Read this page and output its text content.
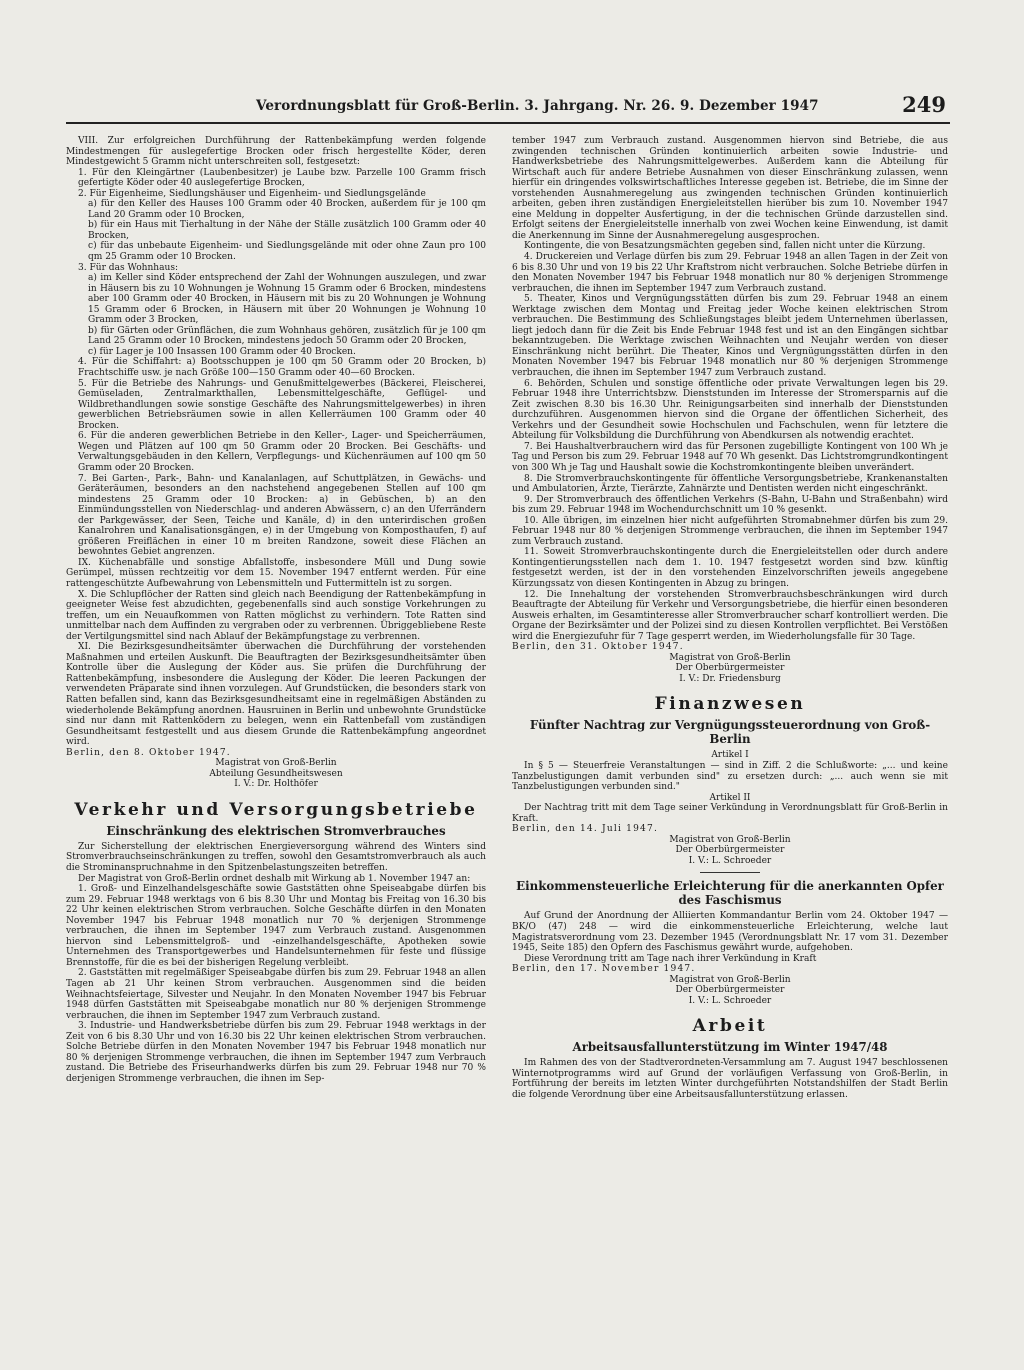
Verordnungsblatt für Groß-Berlin. 3. Jahrgang. Nr. 26. 9. Dezember 1947	249

VIII. Zur erfolgreichen Durchführung der Rattenbekämpfung werden folgende Mindestmengen für auslegefertige Brocken oder frisch hergestellte Köder, deren Mindestgewicht 5 Gramm nicht unterschreiten soll, festgesetzt:

1. Für den Kleingärtner (Laubenbesitzer) je Laube bzw. Parzelle 100 Gramm frisch gefertigte Köder oder 40 auslegefertige Brocken,

2. Für Eigenheime, Siedlungshäuser und Eigenheim- und Siedlungsgelände

a) für den Keller des Hauses 100 Gramm oder 40 Brocken, außerdem für je 100 qm Land 20 Gramm oder 10 Brocken,

b) für ein Haus mit Tierhaltung in der Nähe der Ställe zusätzlich 100 Gramm oder 40 Brocken,

c) für das unbebaute Eigenheim- und Siedlungsgelände mit oder ohne Zaun pro 100 qm 25 Gramm oder 10 Brocken.

3. Für das Wohnhaus:

a) im Keller sind Köder entsprechend der Zahl der Wohnungen auszulegen, und zwar in Häusern bis zu 10 Wohnungen je Wohnung 15 Gramm oder 6 Brocken, mindestens aber 100 Gramm oder 40 Brocken, in Häusern mit bis zu 20 Wohnungen je Wohnung 15 Gramm oder 6 Brocken, in Häusern mit über 20 Wohnungen je Wohnung 10 Gramm oder 3 Brocken,

b) für Gärten oder Grünflächen, die zum Wohnhaus gehören, zusätzlich für je 100 qm Land 25 Gramm oder 10 Brocken, mindestens jedoch 50 Gramm oder 20 Brocken,

c) für Lager je 100 Insassen 100 Gramm oder 40 Brocken.

4. Für die Schiffahrt: a) Bootsschuppen je 100 qm 50 Gramm oder 20 Brocken, b) Frachtschiffe usw. je nach Größe 100—150 Gramm oder 40—60 Brocken.

5. Für die Betriebe des Nahrungs- und Genußmittelgewerbes (Bäckerei, Fleischerei, Gemüseladen, Zentralmarkthallen, Lebensmittelgeschäfte, Geflügel- und Wildbrethandlungen sowie sonstige Geschäfte des Nahrungsmittelgewerbes) in ihren gewerblichen Betriebsräumen sowie in allen Kellerräumen 100 Gramm oder 40 Brocken.

6. Für die anderen gewerblichen Betriebe in den Keller-, Lager- und Speicherräumen, Wegen und Plätzen auf 100 qm 50 Gramm oder 20 Brocken. Bei Geschäfts- und Verwaltungsgebäuden in den Kellern, Verpflegungs- und Küchenräumen auf 100 qm 50 Gramm oder 20 Brocken.

7. Bei Garten-, Park-, Bahn- und Kanalanlagen, auf Schuttplätzen, in Gewächs- und Geräteräumen, besonders an den nachstehend angegebenen Stellen auf 100 qm mindestens 25 Gramm oder 10 Brocken: a) in Gebüschen, b) an den Einmündungsstellen von Niederschlag- und anderen Abwässern, c) an den Uferrändern der Parkgewässer, der Seen, Teiche und Kanäle, d) in den unterirdischen großen Kanalrohren und Kanalisationsgängen, e) in der Umgebung von Komposthaufen, f) auf größeren Freiflächen in einer 10 m breiten Randzone, soweit diese Flächen an bewohntes Gebiet angrenzen.

IX. Küchenabfälle und sonstige Abfallstoffe, insbesondere Müll und Dung sowie Gerümpel, müssen rechtzeitig vor dem 15. November 1947 entfernt werden. Für eine rattengeschützte Aufbewahrung von Lebensmitteln und Futtermitteln ist zu sorgen.

X. Die Schlupflöcher der Ratten sind gleich nach Beendigung der Rattenbekämpfung in geeigneter Weise fest abzudichten, gegebenenfalls sind auch sonstige Vorkehrungen zu treffen, um ein Neuaufkommen von Ratten möglichst zu verhindern. Tote Ratten sind unmittelbar nach dem Auffinden zu vergraben oder zu verbrennen. Übriggebliebene Reste der Vertilgungsmittel sind nach Ablauf der Bekämpfungstage zu verbrennen.

XI. Die Bezirksgesundheitsämter überwachen die Durchführung der vorstehenden Maßnahmen und erteilen Auskunft. Die Beauftragten der Bezirksgesundheitsämter üben Kontrolle über die Auslegung der Köder aus. Sie prüfen die Durchführung der Rattenbekämpfung, insbesondere die Auslegung der Köder. Die leeren Packungen der verwendeten Präparate sind ihnen vorzulegen. Auf Grundstücken, die besonders stark von Ratten befallen sind, kann das Bezirksgesundheitsamt eine in regelmäßigen Abständen zu wiederholende Bekämpfung anordnen. Hausruinen in Berlin und unbewohnte Grundstücke sind nur dann mit Rattenködern zu belegen, wenn ein Rattenbefall vom zuständigen Gesundheitsamt festgestellt und aus diesem Grunde die Rattenbekämpfung angeordnet wird.

Berlin, den 8. Oktober 1947.

Magistrat von Groß-Berlin

Abteilung Gesundheitswesen

I. V.: Dr. Holthöfer

Verkehr und Versorgungsbetriebe
Einschränkung des elektrischen Stromverbrauches

Zur Sicherstellung der elektrischen Energieversorgung während des Winters sind Stromverbrauchseinschränkungen zu treffen, sowohl den Gesamtstromverbrauch als auch die Strominanspruchnahme in den Spitzenbelastungszeiten betreffen.

Der Magistrat von Groß-Berlin ordnet deshalb mit Wirkung ab 1. November 1947 an:

1. Groß- und Einzelhandelsgeschäfte sowie Gaststätten ohne Speiseabgabe dürfen bis zum 29. Februar 1948 werktags von 6 bis 8.30 Uhr und Montag bis Freitag von 16.30 bis 22 Uhr keinen elektrischen Strom verbrauchen. Solche Geschäfte dürfen in den Monaten November 1947 bis Februar 1948 monatlich nur 70 % derjenigen Strommenge verbrauchen, die ihnen im September 1947 zum Verbrauch zustand. Ausgenommen hiervon sind Lebensmittelgroß- und -einzelhandelsgeschäfte, Apotheken sowie Unternehmen des Transportgewerbes und Handelsunternehmen für feste und flüssige Brennstoffe, für die es bei der bisherigen Regelung verbleibt.

2. Gaststätten mit regelmäßiger Speiseabgabe dürfen bis zum 29. Februar 1948 an allen Tagen ab 21 Uhr keinen Strom verbrauchen. Ausgenommen sind die beiden Weihnachtsfeiertage, Silvester und Neujahr. In den Monaten November 1947 bis Februar 1948 dürfen Gaststätten mit Speiseabgabe monatlich nur 80 % derjenigen Strommenge verbrauchen, die ihnen im September 1947 zum Verbrauch zustand.

3. Industrie- und Handwerksbetriebe dürfen bis zum 29. Februar 1948 werktags in der Zeit von 6 bis 8.30 Uhr und von 16.30 bis 22 Uhr keinen elektrischen Strom verbrauchen. Solche Betriebe dürfen in den Monaten November 1947 bis Februar 1948 monatlich nur 80 % derjenigen Strommenge verbrauchen, die ihnen im September 1947 zum Verbrauch zustand. Die Betriebe des Friseurhandwerks dürfen bis zum 29. Februar 1948 nur 70 % derjenigen Strommenge verbrauchen, die ihnen im Sep-

tember 1947 zum Verbrauch zustand. Ausgenommen hiervon sind Betriebe, die aus zwingenden technischen Gründen kontinuierlich arbeiten sowie Industrie- und Handwerksbetriebe des Nahrungsmittelgewerbes. Außerdem kann die Abteilung für Wirtschaft auch für andere Betriebe Ausnahmen von dieser Einschränkung zulassen, wenn hierfür ein dringendes volkswirtschaftliches Interesse gegeben ist. Betriebe, die im Sinne der vorstehenden Ausnahmeregelung aus zwingenden technischen Gründen kontinuierlich arbeiten, geben ihren zuständigen Energieleitstellen hierüber bis zum 10. November 1947 eine Meldung in doppelter Ausfertigung, in der die technischen Gründe darzustellen sind. Erfolgt seitens der Energieleitstelle innerhalb von zwei Wochen keine Einwendung, ist damit die Anerkennung im Sinne der Ausnahmeregelung ausgesprochen.

Kontingente, die von Besatzungsmächten gegeben sind, fallen nicht unter die Kürzung.

4. Druckereien und Verlage dürfen bis zum 29. Februar 1948 an allen Tagen in der Zeit von 6 bis 8.30 Uhr und von 19 bis 22 Uhr Kraftstrom nicht verbrauchen. Solche Betriebe dürfen in den Monaten November 1947 bis Februar 1948 monatlich nur 80 % derjenigen Strommenge verbrauchen, die ihnen im September 1947 zum Verbrauch zustand.

5. Theater, Kinos und Vergnügungsstätten dürfen bis zum 29. Februar 1948 an einem Werktage zwischen dem Montag und Freitag jeder Woche keinen elektrischen Strom verbrauchen. Die Bestimmung des Schließungstages bleibt jedem Unternehmen überlassen, liegt jedoch dann für die Zeit bis Ende Februar 1948 fest und ist an den Eingängen sichtbar bekanntzugeben. Die Werktage zwischen Weihnachten und Neujahr werden von dieser Einschränkung nicht berührt. Die Theater, Kinos und Vergnügungsstätten dürfen in den Monaten November 1947 bis Februar 1948 monatlich nur 80 % derjenigen Strommenge verbrauchen, die ihnen im September 1947 zum Verbrauch zustand.

6. Behörden, Schulen und sonstige öffentliche oder private Verwaltungen legen bis 29. Februar 1948 ihre Unterrichtsbzw. Dienststunden im Interesse der Stromersparnis auf die Zeit zwischen 8.30 bis 16.30 Uhr. Reinigungsarbeiten sind innerhalb der Dienststunden durchzuführen. Ausgenommen hiervon sind die Organe der öffentlichen Sicherheit, des Verkehrs und der Gesundheit sowie Hochschulen und Fachschulen, wenn für letztere die Abteilung für Volksbildung die Durchführung von Abendkursen als notwendig erachtet.

7. Bei Haushaltverbrauchern wird das für Personen zugebilligte Kontingent von 100 Wh je Tag und Person bis zum 29. Februar 1948 auf 70 Wh gesenkt. Das Lichtstromgrundkontingent von 300 Wh je Tag und Haushalt sowie die Kochstromkontingente bleiben unverändert.

8. Die Stromverbrauchskontingente für öffentliche Versorgungsbetriebe, Krankenanstalten und Ambulatorien, Ärzte, Tierärzte, Zahnärzte und Dentisten werden nicht eingeschränkt.

9. Der Stromverbrauch des öffentlichen Verkehrs (S-Bahn, U-Bahn und Straßenbahn) wird bis zum 29. Februar 1948 im Wochendurchschnitt um 10 % gesenkt.

10. Alle übrigen, im einzelnen hier nicht aufgeführten Stromabnehmer dürfen bis zum 29. Februar 1948 nur 80 % derjenigen Strommenge verbrauchen, die ihnen im September 1947 zum Verbrauch zustand.

11. Soweit Stromverbrauchskontingente durch die Energieleitstellen oder durch andere Kontingentierungsstellen nach dem 1. 10. 1947 festgesetzt worden sind bzw. künftig festgesetzt werden, ist der in den vorstehenden Einzelvorschriften jeweils angegebene Kürzungssatz von diesen Kontingenten in Abzug zu bringen.

12. Die Innehaltung der vorstehenden Stromverbrauchsbeschränkungen wird durch Beauftragte der Abteilung für Verkehr und Versorgungsbetriebe, die hierfür einen besonderen Ausweis erhalten, im Gesamtinteresse aller Stromverbraucher scharf kontrolliert werden. Die Organe der Bezirksämter und der Polizei sind zu diesen Kontrollen verpflichtet. Bei Verstößen wird die Energiezufuhr für 7 Tage gesperrt werden, im Wiederholungsfalle für 30 Tage.

Berlin, den 31. Oktober 1947.

Magistrat von Groß-Berlin

Der Oberbürgermeister

I. V.: Dr. Friedensburg

Finanzwesen
Fünfter Nachtrag zur Vergnügungssteuerordnung von Groß-Berlin

Artikel I

In § 5 — Steuerfreie Veranstaltungen — sind in Ziff. 2 die Schlußworte: „... und keine Tanzbelustigungen damit verbunden sind" zu ersetzen durch: „... auch wenn sie mit Tanzbelustigungen verbunden sind."

Artikel II

Der Nachtrag tritt mit dem Tage seiner Verkündung in Verordnungsblatt für Groß-Berlin in Kraft.

Berlin, den 14. Juli 1947.

Magistrat von Groß-Berlin

Der Oberbürgermeister

I. V.: L. Schroeder

Einkommensteuerliche Erleichterung für die anerkannten Opfer des Faschismus

Auf Grund der Anordnung der Alliierten Kommandantur Berlin vom 24. Oktober 1947 — BK/O (47) 248 — wird die einkommensteuerliche Erleichterung, welche laut Magistratsverordnung vom 23. Dezember 1945 (Verordnungsblatt Nr. 17 vom 31. Dezember 1945, Seite 185) den Opfern des Faschismus gewährt wurde, aufgehoben.

Diese Verordnung tritt am Tage nach ihrer Verkündung in Kraft

Berlin, den 17. November 1947.

Magistrat von Groß-Berlin

Der Oberbürgermeister

I. V.: L. Schroeder

Arbeit
Arbeitsausfallunterstützung im Winter 1947/48

Im Rahmen des von der Stadtverordneten-Versammlung am 7. August 1947 beschlossenen Winternotprogramms wird auf Grund der vorläufigen Verfassung von Groß-Berlin, in Fortführung der bereits im letzten Winter durchgeführten Notstandshilfen der Stadt Berlin die folgende Verordnung über eine Arbeitsausfallunterstützung erlassen.
